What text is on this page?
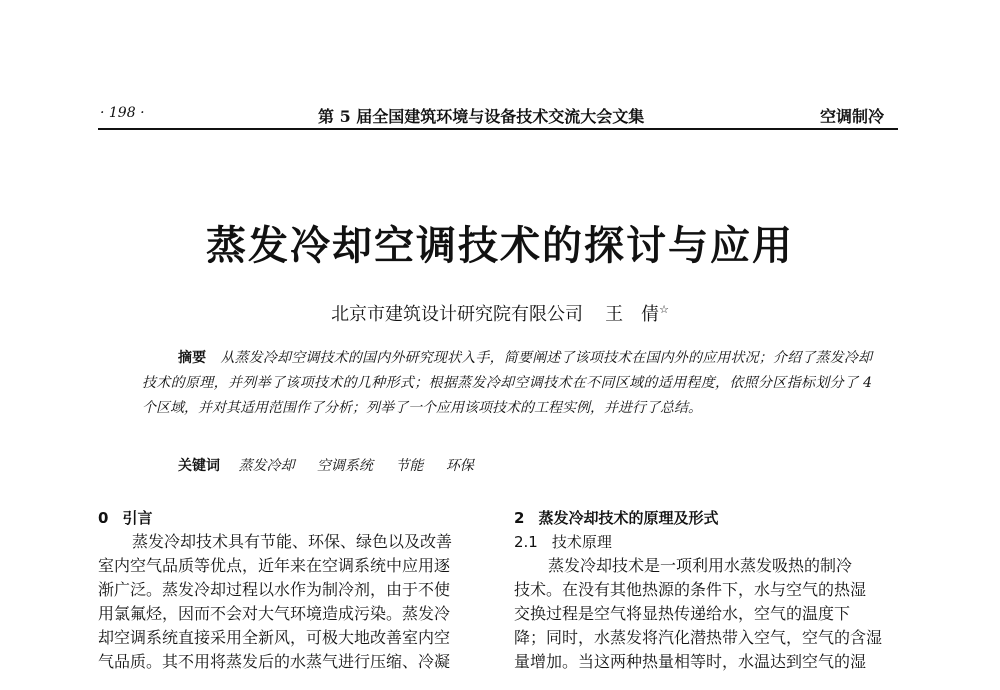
· 198 ·	第 5 届全国建筑环境与设备技术交流大会文集	空调制冷
蒸发冷却空调技术的探讨与应用
北京市建筑设计研究院有限公司 王　倩☆
摘要 从蒸发冷却空调技术的国内外研究现状入手，简要阐述了该项技术在国内外的应用状况；介绍了蒸发冷却技术的原理，并列举了该项技术的几种形式；根据蒸发冷却空调技术在不同区域的适用程度，依照分区指标划分了 4 个区域，并对其适用范围作了分析；列举了一个应用该项技术的工程实例，并进行了总结。
关键词 蒸发冷却 空调系统 节能 环保
0 引言
蒸发冷却技术具有节能、环保、绿色以及改善
室内空气品质等优点，近年来在空调系统中应用逐
渐广泛。蒸发冷却过程以水作为制冷剂，由于不使
用氯氟烃，因而不会对大气环境造成污染。蒸发冷
却空调系统直接采用全新风，可极大地改善室内空
气品质。其不用将蒸发后的水蒸气进行压缩、冷凝
2 蒸发冷却技术的原理及形式
2.1 技术原理
蒸发冷却技术是一项利用水蒸发吸热的制冷
技术。在没有其他热源的条件下，水与空气的热湿
交换过程是空气将显热传递给水，空气的温度下
降；同时，水蒸发将汽化潜热带入空气，空气的含湿
量增加。当这两种热量相等时，水温达到空气的湿
